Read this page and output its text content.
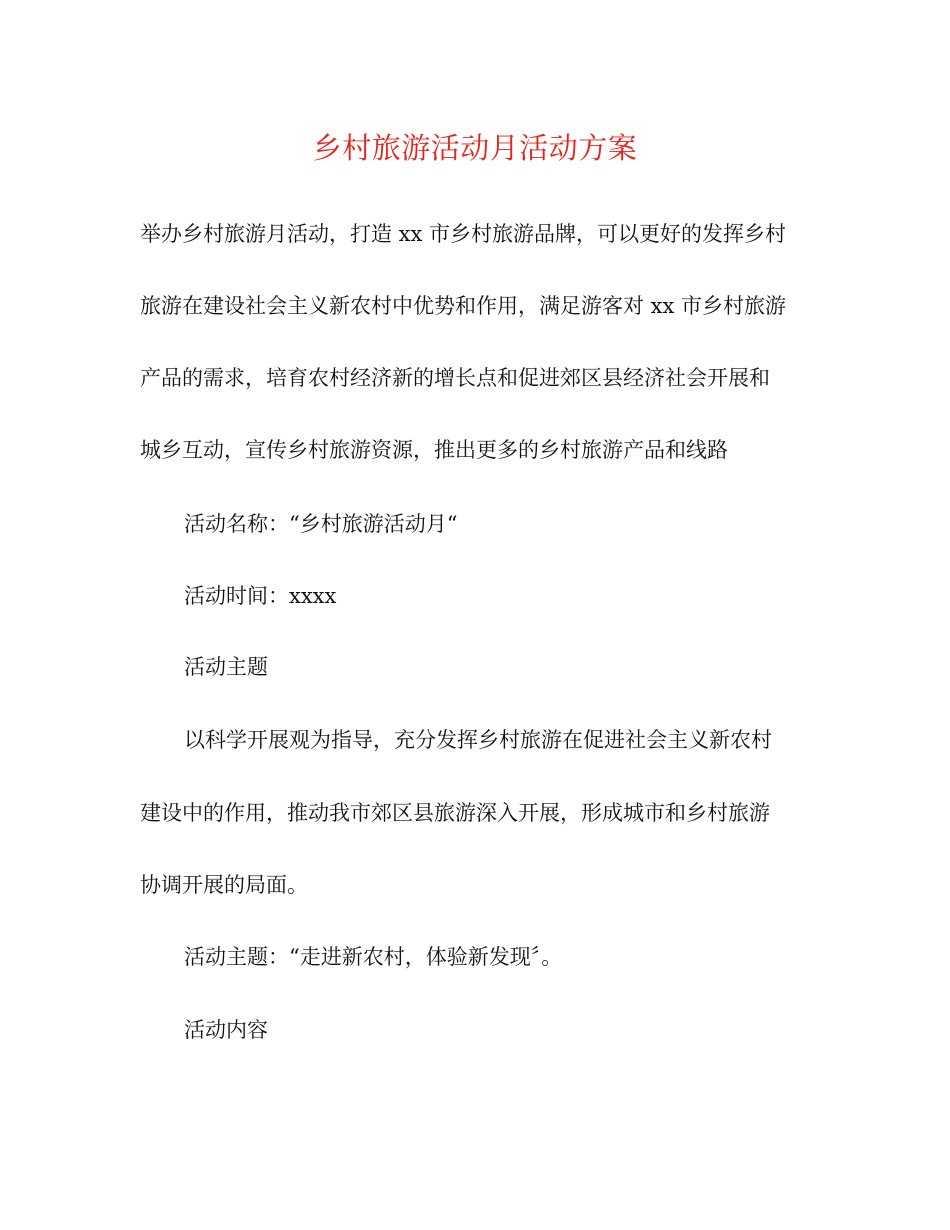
乡村旅游活动月活动方案

举办乡村旅游月活动，打造 xx 市乡村旅游品牌，可以更好的发挥乡村

旅游在建设社会主义新农村中优势和作用，满足游客对 xx 市乡村旅游

产品的需求，培育农村经济新的增长点和促进郊区县经济社会开展和

城乡互动，宣传乡村旅游资源，推出更多的乡村旅游产品和线路

活动名称：“乡村旅游活动月“

活动时间：xxxx

活动主题

以科学开展观为指导，充分发挥乡村旅游在促进社会主义新农村

建设中的作用，推动我市郊区县旅游深入开展，形成城市和乡村旅游

协调开展的局面。

活动主题：“走进新农村，体验新发现〞。

活动内容
